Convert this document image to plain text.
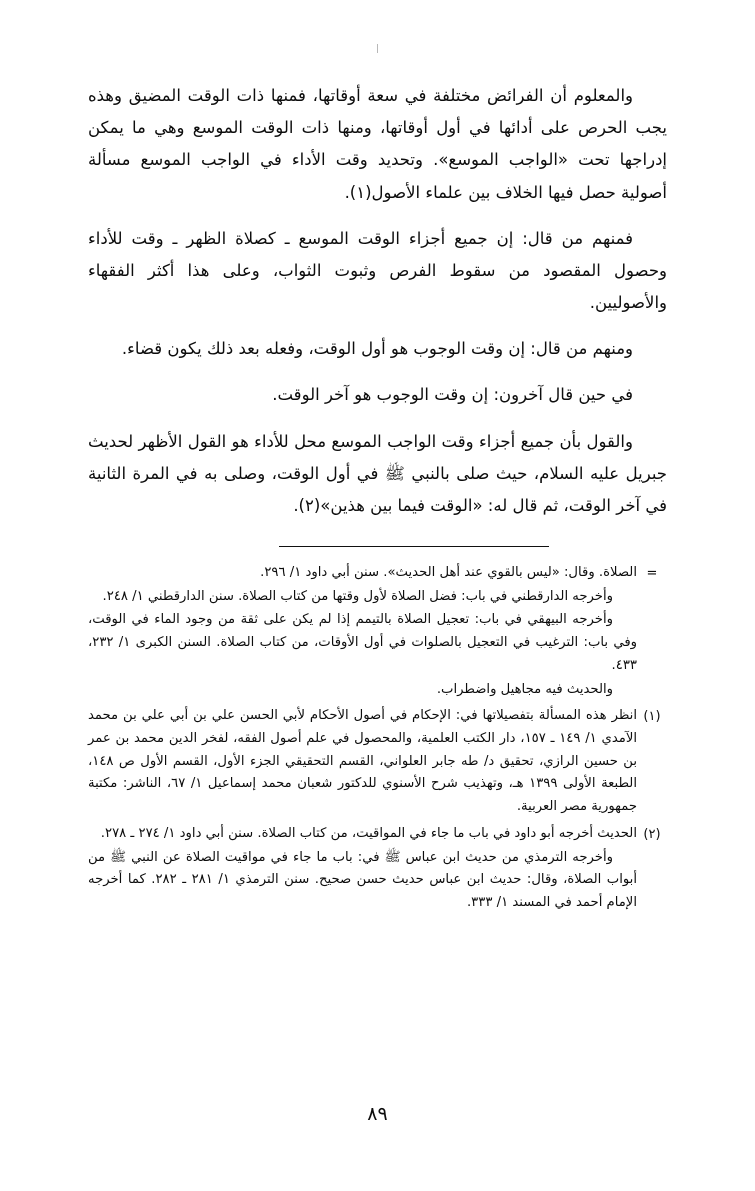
والمعلوم أن الفرائض مختلفة في سعة أوقاتها، فمنها ذات الوقت المضيق وهذه يجب الحرص على أدائها في أول أوقاتها، ومنها ذات الوقت الموسع وهي ما يمكن إدراجها تحت «الواجب الموسع». وتحديد وقت الأداء في الواجب الموسع مسألة أصولية حصل فيها الخلاف بين علماء الأصول(١).

فمنهم من قال: إن جميع أجزاء الوقت الموسع ـ كصلاة الظهر ـ وقت للأداء وحصول المقصود من سقوط الفرص وثبوت الثواب، وعلى هذا أكثر الفقهاء والأصوليين.

ومنهم من قال: إن وقت الوجوب هو أول الوقت، وفعله بعد ذلك يكون قضاء.

في حين قال آخرون: إن وقت الوجوب هو آخر الوقت.

والقول بأن جميع أجزاء وقت الواجب الموسع محل للأداء هو القول الأظهر لحديث جبريل عليه السلام، حيث صلى بالنبي ﷺ في أول الوقت، وصلى به في المرة الثانية في آخر الوقت، ثم قال له: «الوقت فيما بين هذين»(٢).

=

الصلاة. وقال: «ليس بالقوي عند أهل الحديث». سنن أبي داود ١/ ٢٩٦.

وأخرجه الدارقطني في باب: فضل الصلاة لأول وقتها من كتاب الصلاة. سنن الدارقطني ١/ ٢٤٨.

وأخرجه البيهقي في باب: تعجيل الصلاة بالتيمم إذا لم يكن على ثقة من وجود الماء في الوقت، وفي باب: الترغيب في التعجيل بالصلوات في أول الأوقات، من كتاب الصلاة. السنن الكبرى ١/ ٢٣٢، ٤٣٣.

والحديث فيه مجاهيل واضطراب.

(١)

انظر هذه المسألة بتفصيلاتها في: الإحكام في أصول الأحكام لأبي الحسن علي بن أبي علي بن محمد الآمدي ١/ ١٤٩ ـ ١٥٧، دار الكتب العلمية، والمحصول في علم أصول الفقه، لفخر الدين محمد بن عمر بن حسين الرازي، تحقيق د/ طه جابر العلواني، القسم التحقيقي الجزء الأول، القسم الأول ص ١٤٨، الطبعة الأولى ١٣٩٩ هـ، وتهذيب شرح الأسنوي للدكتور شعبان محمد إسماعيل ١/ ٦٧، الناشر: مكتبة جمهورية مصر العربية.

(٢)

الحديث أخرجه أبو داود في باب ما جاء في المواقيت، من كتاب الصلاة. سنن أبي داود ١/ ٢٧٤ ـ ٢٧٨.

وأخرجه الترمذي من حديث ابن عباس ﷺ في: باب ما جاء في مواقيت الصلاة عن النبي ﷺ من أبواب الصلاة، وقال: حديث ابن عباس حديث حسن صحيح. سنن الترمذي ١/ ٢٨١ ـ ٢٨٢. كما أخرجه الإمام أحمد في المسند ١/ ٣٣٣.

٨٩
